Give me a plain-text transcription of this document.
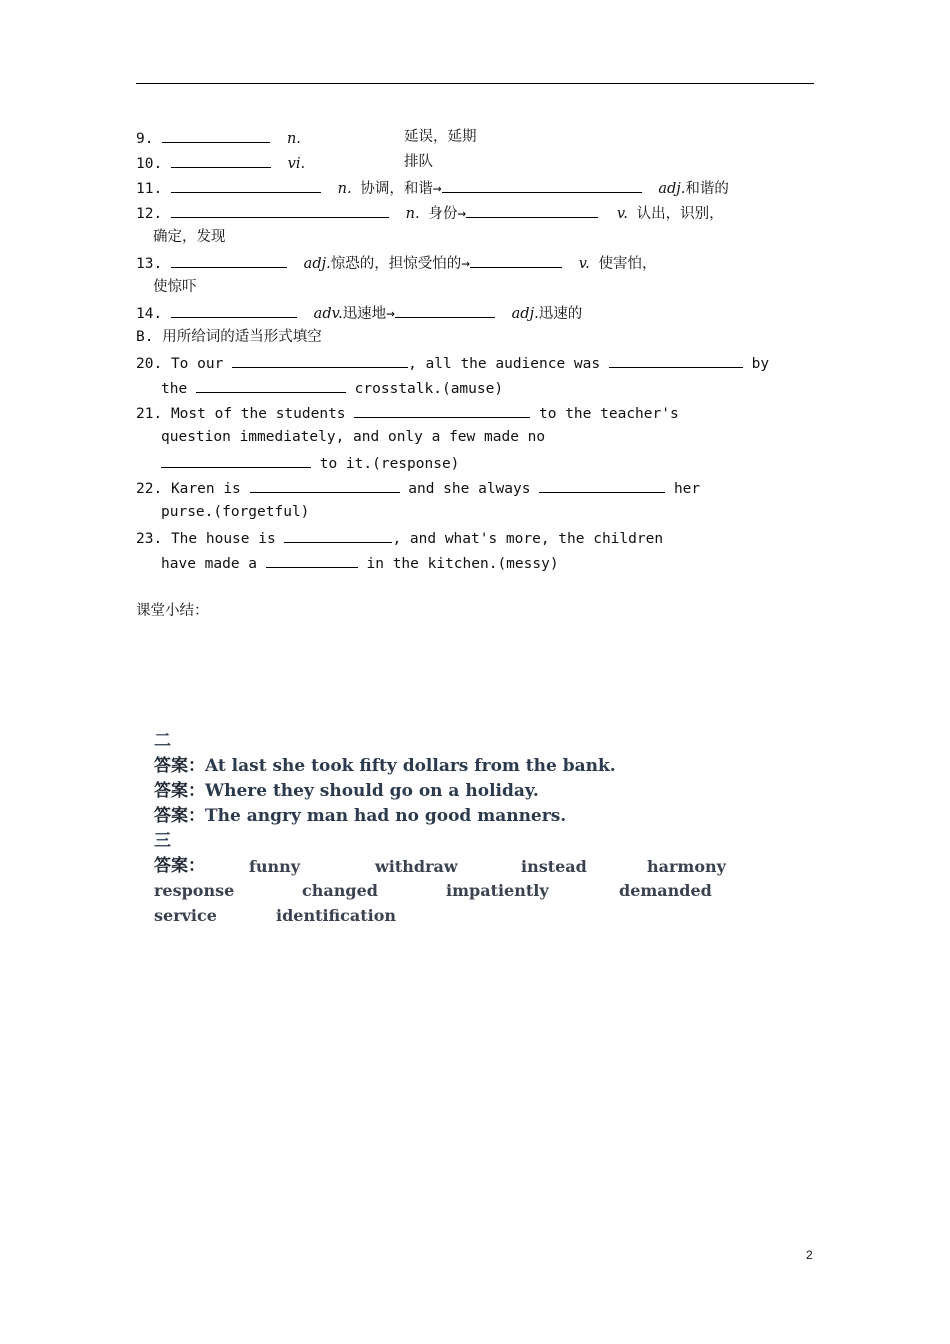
9.	n.	延误，延期
10.	vi.	排队
11.	n. 协调，和谐→	adj.和谐的
12.	n. 身份→	v. 认出，识别，
确定，发现
13.	adj.惊恐的，担惊受怕的→	v. 使害怕，
使惊吓
14.	adv.迅速地→	adj.迅速的
B. 用所给词的适当形式填空
20. To our	, all the audience was	by
the	crosstalk.(amuse)
21. Most of the students	to the teacher's
question immediately, and only a few made no
to it.(response)
22. Karen is	and she always	her
purse.(forgetful)
23. The house is	, and what's more, the children
have made a	in the kitchen.(messy)
课堂小结：
二
答案：At last she took fifty dollars from the bank.
答案：Where they should go on a holiday.
答案：The angry man had no good manners.
三
答案：	funny	withdraw	instead	harmony
response	changed	impatiently	demanded
service	identification
2
